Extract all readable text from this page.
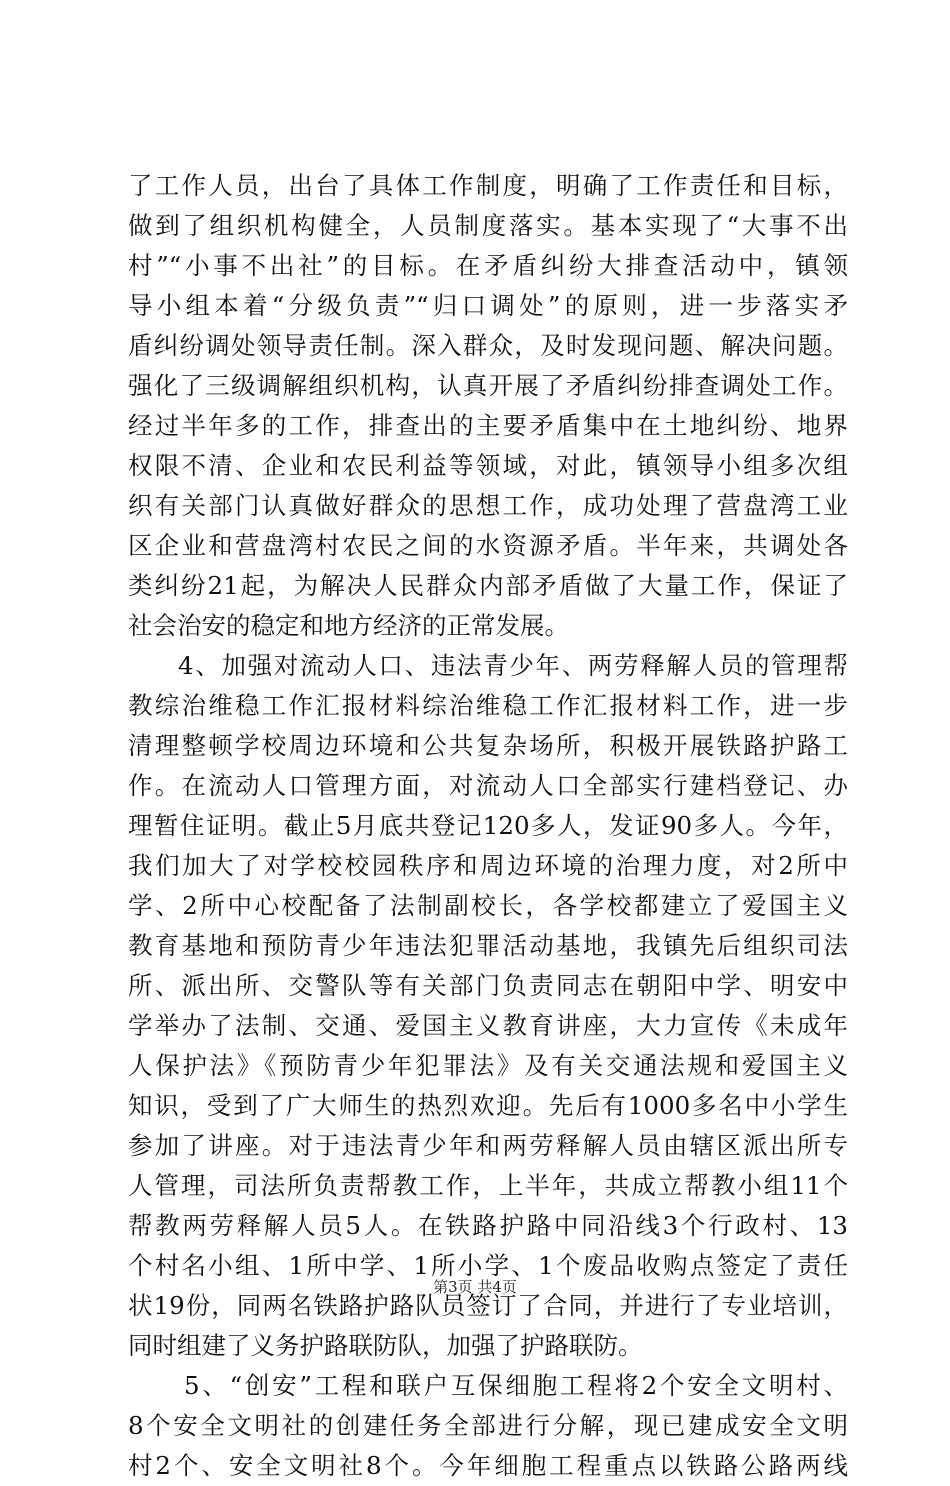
了工作人员，出台了具体工作制度，明确了工作责任和目标，
做到了组织机构健全，人员制度落实。基本实现了“大事不出
村”“小事不出社”的目标。在矛盾纠纷大排查活动中，镇领
导小组本着“分级负责”“归口调处”的原则，进一步落实矛
盾纠纷调处领导责任制。深入群众，及时发现问题、解决问题。
强化了三级调解组织机构，认真开展了矛盾纠纷排查调处工作。
经过半年多的工作，排查出的主要矛盾集中在土地纠纷、地界
权限不清、企业和农民利益等领域，对此，镇领导小组多次组
织有关部门认真做好群众的思想工作，成功处理了营盘湾工业
区企业和营盘湾村农民之间的水资源矛盾。半年来，共调处各
类纠纷21起，为解决人民群众内部矛盾做了大量工作，保证了
社会治安的稳定和地方经济的正常发展。
4、加强对流动人口、违法青少年、两劳释解人员的管理帮
教综治维稳工作汇报材料综治维稳工作汇报材料工作，进一步
清理整顿学校周边环境和公共复杂场所，积极开展铁路护路工
作。在流动人口管理方面，对流动人口全部实行建档登记、办
理暂住证明。截止5月底共登记120多人，发证90多人。今年，
我们加大了对学校校园秩序和周边环境的治理力度，对2所中
学、2所中心校配备了法制副校长，各学校都建立了爱国主义
教育基地和预防青少年违法犯罪活动基地，我镇先后组织司法
所、派出所、交警队等有关部门负责同志在朝阳中学、明安中
学举办了法制、交通、爱国主义教育讲座，大力宣传《未成年
人保护法》《预防青少年犯罪法》及有关交通法规和爱国主义
知识，受到了广大师生的热烈欢迎。先后有1000多名中小学生
参加了讲座。对于违法青少年和两劳释解人员由辖区派出所专
人管理，司法所负责帮教工作，上半年，共成立帮教小组11个
帮教两劳释解人员5人。在铁路护路中同沿线3个行政村、13
个村名小组、1所中学、1所小学、1个废品收购点签定了责任
状19份，同两名铁路护路队员签订了合同，并进行了专业培训，
同时组建了义务护路联防队，加强了护路联防。
5、“创安”工程和联户互保细胞工程将2个安全文明村、
8个安全文明社的创建任务全部进行分解，现已建成安全文明
村2个、安全文明社8个。今年细胞工程重点以铁路公路两线
第3页 共4页
